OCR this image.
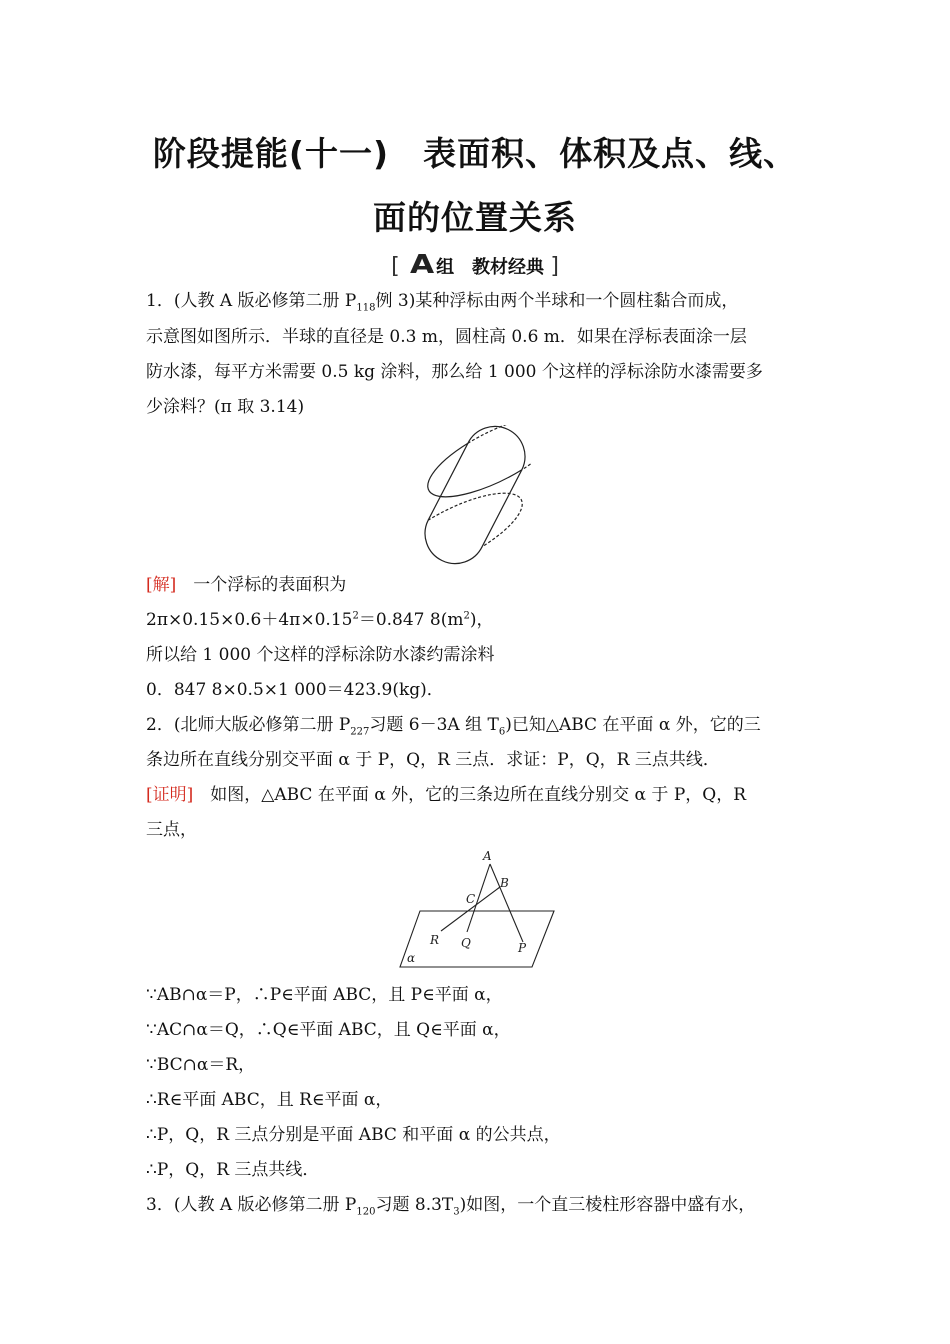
阶段提能(十一)　表面积、体积及点、线、
面的位置关系
[ A 组　教材经典 ]
1．(人教 A 版必修第二册 $P_{118}$例 3)某种浮标由两个半球和一个圆柱黏合而成，
示意图如图所示．半球的直径是 0.3 m，圆柱高 0.6 m．如果在浮标表面涂一层
防水漆，每平方米需要 0.5 kg 涂料，那么给 1 000 个这样的浮标涂防水漆需要多
少涂料？(π 取 3.14)
[解]　一个浮标的表面积为
$2\pi\times 0.15\times 0.6+4\pi\times 0.15^2=0.847$ $8(m^2)$，
所以给 1 000 个这样的浮标涂防水漆约需涂料
0．847 8×0.5×1 000＝423.9(kg)．
2．(北师大版必修第二册 $P_{227}$习题 6－3A 组 $T_6$)已知△ABC 在平面 α 外，它的三
条边所在直线分别交平面 α 于 P，Q，R 三点．求证：P，Q，R 三点共线．
[证明]　如图，△ABC 在平面 α 外，它的三条边所在直线分别交 α 于 P，Q，R
三点，
A
B
C
R Q	P
α
∵AB∩α＝P，∴P∈平面 ABC，且 P∈平面 α，
∵AC∩α＝Q，∴Q∈平面 ABC，且 Q∈平面 α，
∵BC∩α＝R，
∴R∈平面 ABC，且 R∈平面 α，
∴P，Q，R 三点分别是平面 ABC 和平面 α 的公共点，
∴P，Q，R 三点共线．
3．(人教 A 版必修第二册 $P_{120}$习题 $8.3T_3$)如图，一个直三棱柱形容器中盛有水，
